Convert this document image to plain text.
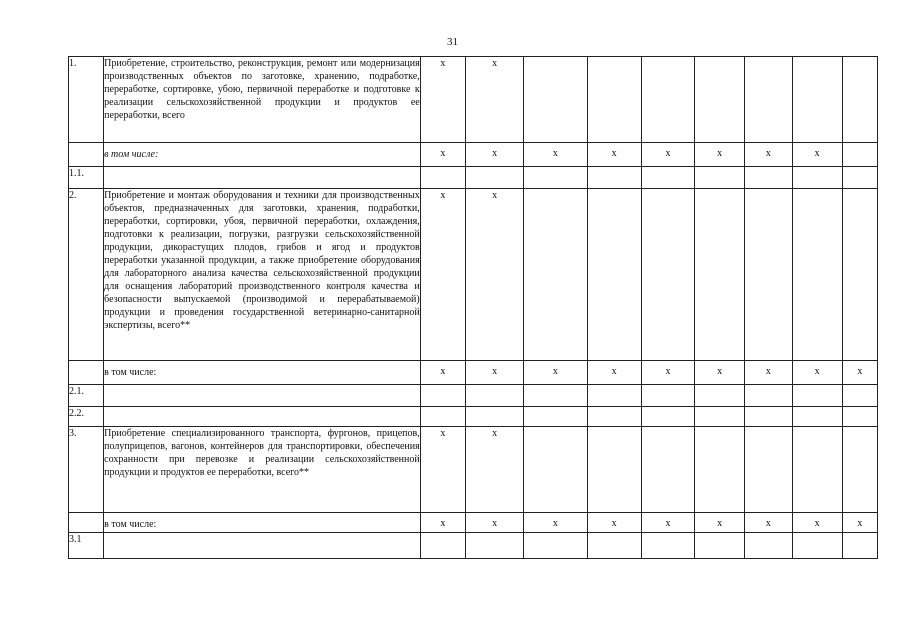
31
1.	Приобретение, строительство, реконструкция, ремонт или модернизация производственных объектов по заготовке, хранению, подработке, переработке, сортировке, убою, первичной переработке и подготовке к реализации сельскохозяйственной продукции и продуктов ее переработки, всего	x	x							
	в том числе:	x	x	x	x	x	x	x	x	
1.1.										
2.	Приобретение и монтаж оборудования и техники для производственных объектов, предназначенных для заготовки, хранения, подработки, переработки, сортировки, убоя, первичной переработки, охлаждения, подготовки к реализации, погрузки, разгрузки сельскохозяйственной продукции, дикорастущих плодов, грибов и ягод и продуктов переработки указанной продукции, а также приобретение оборудования для лабораторного анализа качества сельскохозяйственной продукции для оснащения лабораторий производственного контроля качества и безопасности выпускаемой (производимой и перерабатываемой) продукции и проведения государственной ветеринарно-санитарной экспертизы, всего**	x	x							
	в том числе:	x	x	x	x	x	x	x	x	x
2.1.										
2.2.										
3.	Приобретение специализированного транспорта, фургонов, прицепов, полуприцепов, вагонов, контейнеров для транспортировки, обеспечения сохранности при перевозке и реализации сельскохозяйственной продукции и продуктов ее переработки, всего**	x	x							
	в том числе:	x	x	x	x	x	x	x	x	x
3.1										
